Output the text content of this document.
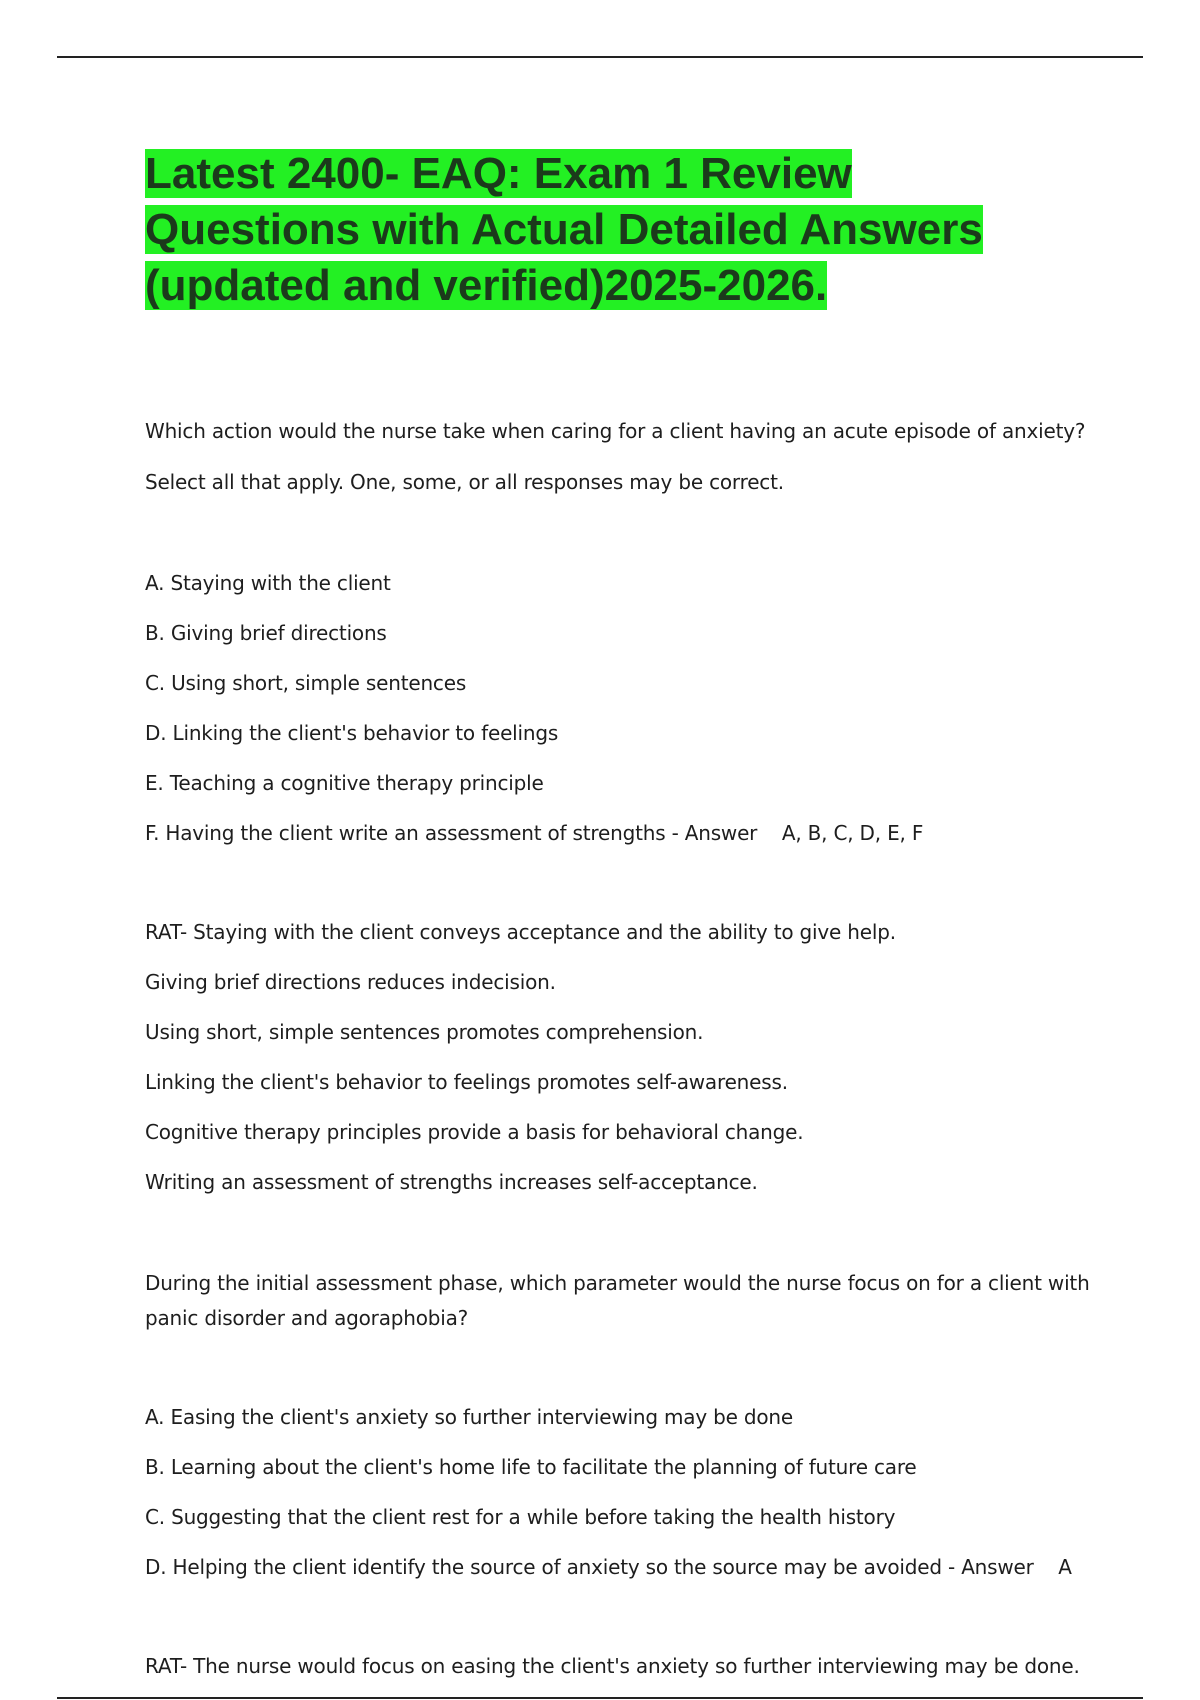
Latest 2400- EAQ: Exam 1 Review Questions with Actual Detailed Answers (updated and verified)2025-2026.

Which action would the nurse take when caring for a client having an acute episode of anxiety?

Select all that apply. One, some, or all responses may be correct.

A. Staying with the client

B. Giving brief directions

C. Using short, simple sentences

D. Linking the client's behavior to feelings

E. Teaching a cognitive therapy principle

F. Having the client write an assessment of strengths - Answer    A, B, C, D, E, F

RAT- Staying with the client conveys acceptance and the ability to give help.

Giving brief directions reduces indecision.

Using short, simple sentences promotes comprehension.

Linking the client's behavior to feelings promotes self-awareness.

Cognitive therapy principles provide a basis for behavioral change.

Writing an assessment of strengths increases self-acceptance.

During the initial assessment phase, which parameter would the nurse focus on for a client with panic disorder and agoraphobia?

A. Easing the client's anxiety so further interviewing may be done

B. Learning about the client's home life to facilitate the planning of future care

C. Suggesting that the client rest for a while before taking the health history

D. Helping the client identify the source of anxiety so the source may be avoided - Answer    A

RAT- The nurse would focus on easing the client's anxiety so further interviewing may be done.
